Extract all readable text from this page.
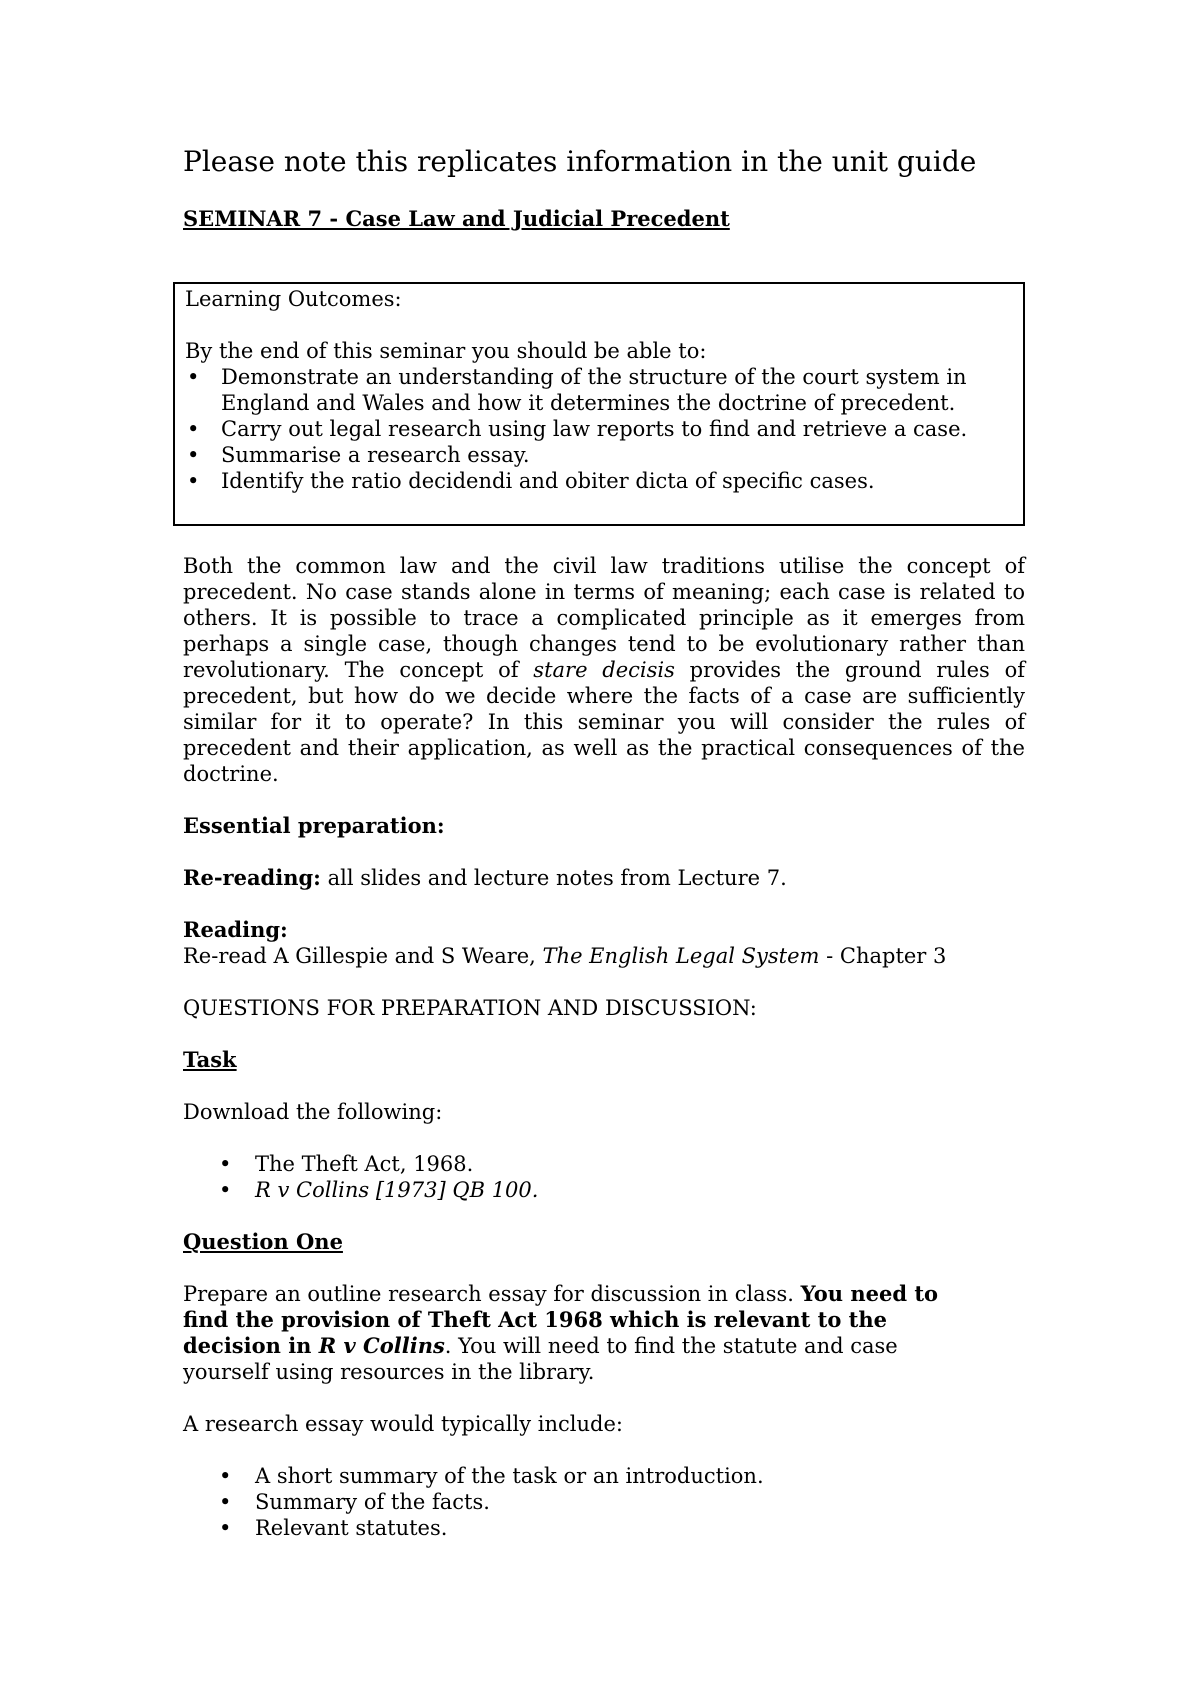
Please note this replicates information in the unit guide
SEMINAR 7 - Case Law and Judicial Precedent
Learning Outcomes:
By the end of this seminar you should be able to:
• Demonstrate an understanding of the structure of the court system in England and Wales and how it determines the doctrine of precedent.
• Carry out legal research using law reports to find and retrieve a case.
• Summarise a research essay.
• Identify the ratio decidendi and obiter dicta of specific cases.
Both the common law and the civil law traditions utilise the concept of precedent. No case stands alone in terms of meaning; each case is related to others. It is possible to trace a complicated principle as it emerges from perhaps a single case, though changes tend to be evolutionary rather than revolutionary. The concept of stare decisis provides the ground rules of precedent, but how do we decide where the facts of a case are sufficiently similar for it to operate? In this seminar you will consider the rules of precedent and their application, as well as the practical consequences of the doctrine.
Essential preparation:
Re-reading: all slides and lecture notes from Lecture 7.
Reading:
Re-read A Gillespie and S Weare, The English Legal System - Chapter 3
QUESTIONS FOR PREPARATION AND DISCUSSION:
Task
Download the following:
• The Theft Act, 1968.
• R v Collins [1973] QB 100.
Question One
Prepare an outline research essay for discussion in class. You need to find the provision of Theft Act 1968 which is relevant to the decision in R v Collins. You will need to find the statute and case yourself using resources in the library.
A research essay would typically include:
• A short summary of the task or an introduction.
• Summary of the facts.
• Relevant statutes.
